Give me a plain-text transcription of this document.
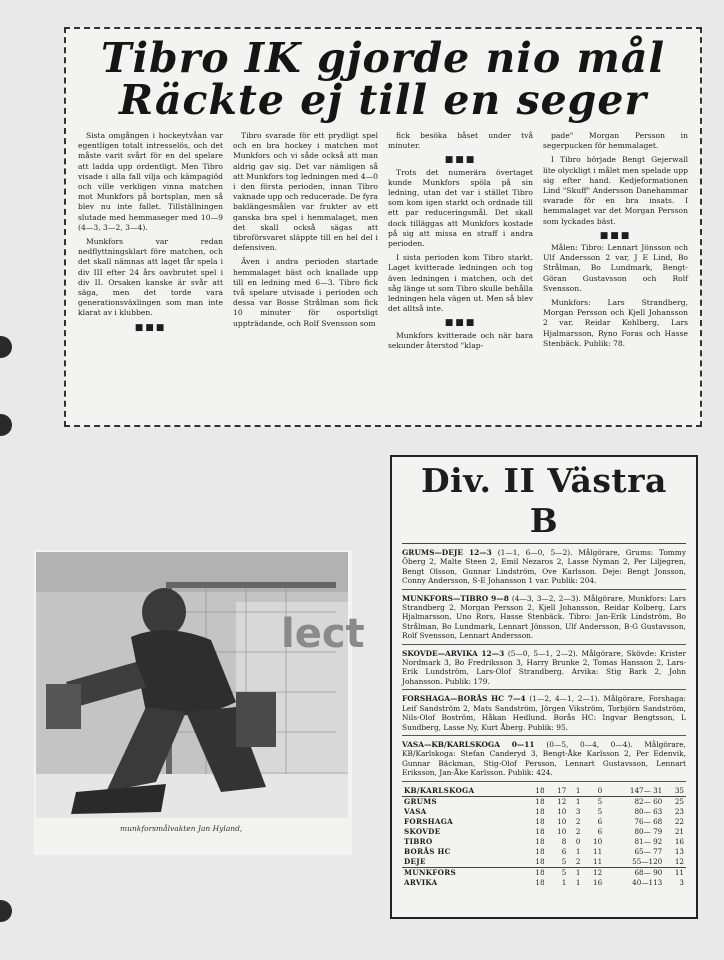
Tibro IK gjorde nio mål
Räckte ej till en seger

Sista omgången i hockeytvåan var egentligen totalt intresselös, och det måste varit svårt för en del spelare att ladda upp ordentligt. Men Tibro visade i alla fall vilja och kämpagiöd och ville verkligen vinna matchen mot Munkfors på bortsplan, men så blev nu inte fallet. Tillställningen slutade med hemmaseger med 10—9 (4—3, 3—2, 3—4).

Munkfors var redan nedflyttningsklart före matchen, och det skall nämnas att laget får spela i div III efter 24 års oavbrutet spel i div II. Orsaken kanske är svår att säga, men det torde vara generationsväxlingen som man inte klarat av i klubben.

■■■

Tibro svarade för ett prydligt spel och en bra hockey i matchen mot Munkfors och vi såde också att man aldrig gav sig. Det var nämligen så att Munkfors tog ledningen med 4—0 i den första perioden, innan Tibro vaknade upp och reducerade. De fyra baklängesmålen var frukter av ett ganska bra spel i hemmalaget, men det skall också sägas att tibroförsvaret släppte till en hel del i defensiven.

Även i andra perioden startade hemmalaget bäst och knallade upp till en ledning med 6—3. Tibro fick två spelare utvisade i perioden och dessa var Bosse Strålman som fick 10 minuter för osportsligt uppträdande, och Rolf Svensson som

fick besöka båset under två minuter.

■■■

Trots det numerära övertaget kunde Munkfors spöla på sin ledning, utan det var i stället Tibro som kom igen starkt och ordnade till ett par reduceringsmål. Det skall dock tilläggas att Munkfors kostade på sig att missa en straff i andra perioden.

I sista perioden kom Tibro starkt. Laget kvitterade ledningen och tog även ledningen i matchen, och det såg länge ut som Tibro skulle behålla ledningen hela vägen ut. Men så blev det alltså inte.

■■■

Munkfors kvitterade och när bara sekunder återstod "klap-

pade" Morgan Persson in segerpucken för hemmalaget.

I Tibro började Bengt Gejerwall lite olyckligt i målet men spelade upp sig efter hand. Kedjeformationen Lind "Skuff" Andersson Danehammar svarade för en bra insats. I hemmalaget var det Morgan Persson som lyckades bäst.

■■■

Målen: Tibro: Lennart Jönsson och Ulf Andersson 2 var, J E Lind, Bo Strålman, Bo Lundmark, Bengt-Göran Gustavsson och Rolf Svensson.

Munkfors: Lars Strandberg, Morgan Persson och Kjell Johansson 2 var, Reidar Kohlberg, Lars Hjalmarsson, Ryno Foras och Hasse Stenbäck. Publik: 78.

lect
munkforsmålvakten Jan Hyland,
Div. II Västra B

GRUMS—DEJE 12—3 (1—1, 6—0, 5—2). Målgörare, Grums: Tommy Öberg 2, Malte Steen 2, Emil Nezaros 2, Lasse Nyman 2, Per Liljegren, Bengt Olsson, Gunnar Lindström, Ove Karlsson. Deje: Bengt Jonsson, Conny Andersson, S-E Johansson 1 var. Publik: 204.

MUNKFORS—TIBRO 9—8 (4—3, 3—2, 2—3). Målgörare, Munkfors: Lars Strandberg 2, Morgan Persson 2, Kjell Johansson, Reidar Kolberg, Lars Hjalmarsson, Uno Rors, Hasse Stenbäck. Tibro: Jan-Erik Lindström, Bo Strålman, Bo Lundmark, Lennart Jönsson, Ulf Andersson, B-G Gustavsson, Rolf Svensson, Lennart Andersson.

SKOVDE—ARVIKA 12—3 (5—0, 5—1, 2—2). Målgörare, Skövde: Krister Nordmark 3, Bo Fredriksson 3, Harry Brunke 2, Tomas Hansson 2, Lars-Erik Lundström, Lars-Olof Strandberg. Arvika: Stig Bark 2, John Johansson. Publik: 179.

FORSHAGA—BORÅS HC 7—4 (1—2, 4—1, 2—1). Målgörare, Forshaga: Leif Sandström 2, Mats Sandström, Jörgen Vikström, Torbjörn Sandström, Nils-Olof Boström, Håkan Hedlund. Borås HC: Ingvar Bengtsson, L Sundberg, Lasse Ny, Kurt Åberg. Publik: 95.

VASA—KB/KARLSKOGA 0—11 (0—5, 0—4, 0—4). Målgörare, KB/Karlskoga: Stefan Canderyd 3, Bengt-Åke Karlsson 2, Per Edenvik, Gunnar Bäckman, Stig-Olof Persson, Lennart Gustavsson, Lennart Eriksson, Jan-Åke Karlsson. Publik: 424.

KB/KARLSKOGA	18	17	1	0	147— 31	35
GRUMS	18	12	1	5	82— 60	25
VASA	18	10	3	5	80— 63	23
FORSHAGA	18	10	2	6	76— 68	22
SKOVDE	18	10	2	6	80— 79	21
TIBRO	18	8	0	10	81— 92	16
BORÅS HC	18	6	1	11	65— 77	13
DEJE	18	5	2	11	55—120	12
MUNKFORS	18	5	1	12	68— 90	11
ARVIKA	18	1	1	16	40—113	3
